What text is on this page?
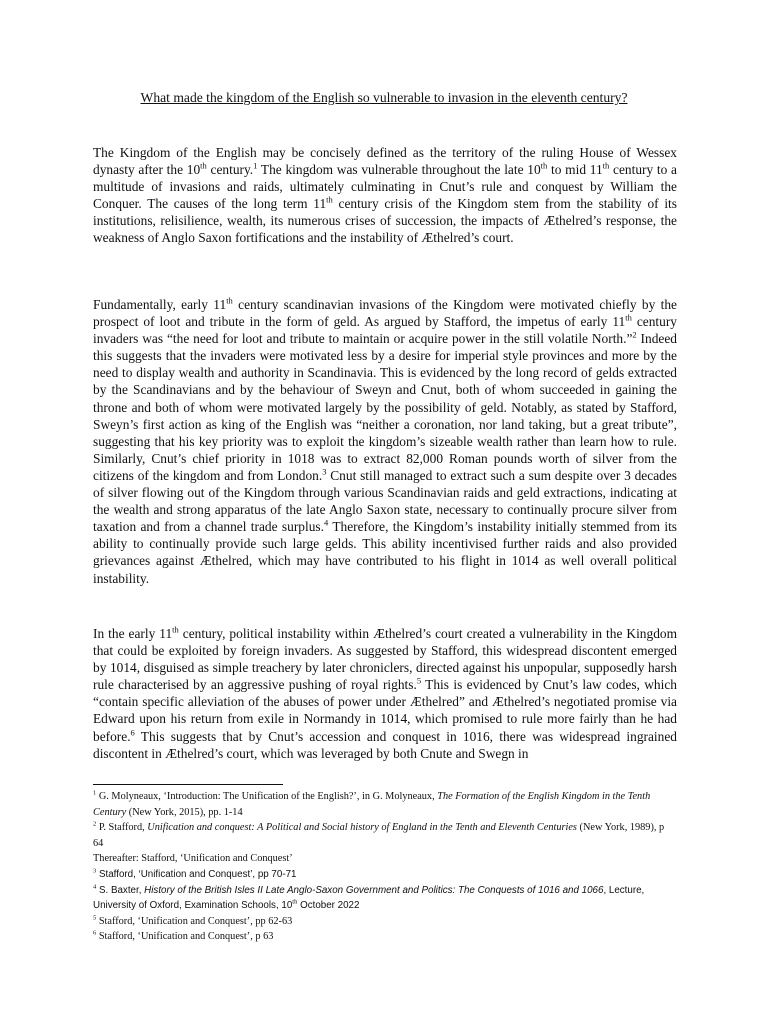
What made the kingdom of the English so vulnerable to invasion in the eleventh century?

The Kingdom of the English may be concisely defined as the territory of the ruling House of Wessex dynasty after the 10th century.$^1$ The kingdom was vulnerable throughout the late 10th to mid 11th century to a multitude of invasions and raids, ultimately culminating in Cnut’s rule and conquest by William the Conquer. The causes of the long term 11th century crisis of the Kingdom stem from the stability of its institutions, relisilience, wealth, its numerous crises of succession, the impacts of Æthelred’s response, the weakness of Anglo Saxon fortifications and the instability of Æthelred’s court.

Fundamentally, early 11th century scandinavian invasions of the Kingdom were motivated chiefly by the prospect of loot and tribute in the form of geld. As argued by Stafford, the impetus of early 11th century invaders was “the need for loot and tribute to maintain or acquire power in the still volatile North.”$^2$ Indeed this suggests that the invaders were motivated less by a desire for imperial style provinces and more by the need to display wealth and authority in Scandinavia. This is evidenced by the long record of gelds extracted by the Scandinavians and by the behaviour of Sweyn and Cnut, both of whom succeeded in gaining the throne and both of whom were motivated largely by the possibility of geld. Notably, as stated by Stafford, Sweyn’s first action as king of the English was “neither a coronation, nor land taking, but a great tribute”, suggesting that his key priority was to exploit the kingdom’s sizeable wealth rather than learn how to rule. Similarly, Cnut’s chief priority in 1018 was to extract 82,000 Roman pounds worth of silver from the citizens of the kingdom and from London.$^3$ Cnut still managed to extract such a sum despite over 3 decades of silver flowing out of the Kingdom through various Scandinavian raids and geld extractions, indicating at the wealth and strong apparatus of the late Anglo Saxon state, necessary to continually procure silver from taxation and from a channel trade surplus.$^4$ Therefore, the Kingdom’s instability initially stemmed from its ability to continually provide such large gelds. This ability incentivised further raids and also provided grievances against Æthelred, which may have contributed to his flight in 1014 as well overall political instability.

In the early 11th century, political instability within Æthelred’s court created a vulnerability in the Kingdom that could be exploited by foreign invaders. As suggested by Stafford, this widespread discontent emerged by 1014, disguised as simple treachery by later chroniclers, directed against his unpopular, supposedly harsh rule characterised by an aggressive pushing of royal rights.$^5$ This is evidenced by Cnut’s law codes, which “contain specific alleviation of the abuses of power under Æthelred” and Æthelred’s negotiated promise via Edward upon his return from exile in Normandy in 1014, which promised to rule more fairly than he had before.$^6$ This suggests that by Cnut’s accession and conquest in 1016, there was widespread ingrained discontent in Æthelred’s court, which was leveraged by both Cnute and Swegn in

$^1$ G. Molyneaux, ‘Introduction: The Unification of the English?’, in G. Molyneaux, The Formation of the English Kingdom in the Tenth Century (New York, 2015), pp. 1-14

$^2$ P. Stafford, Unification and conquest: A Political and Social history of England in the Tenth and Eleventh Centuries (New York, 1989), p 64

Thereafter: Stafford, ‘Unification and Conquest’

$^3$ Stafford, ‘Unification and Conquest’, pp 70-71

$^4$ S. Baxter, History of the British Isles II Late Anglo-Saxon Government and Politics: The Conquests of 1016 and 1066, Lecture, University of Oxford, Examination Schools, 10th October 2022

$^5$ Stafford, ‘Unification and Conquest’, pp 62-63

$^6$ Stafford, ‘Unification and Conquest’, p 63
